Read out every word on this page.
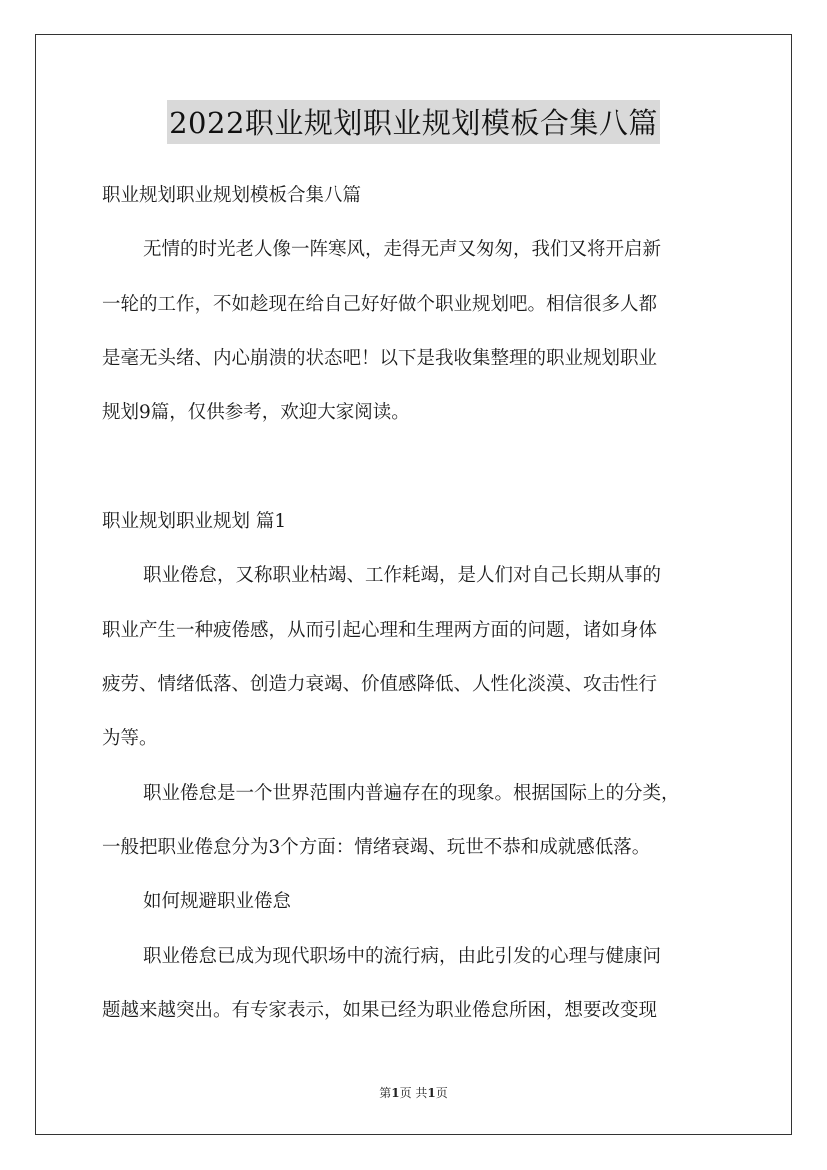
2022职业规划职业规划模板合集八篇

职业规划职业规划模板合集八篇

无情的时光老人像一阵寒风，走得无声又匆匆，我们又将开启新

一轮的工作，不如趁现在给自己好好做个职业规划吧。相信很多人都

是毫无头绪、内心崩溃的状态吧！以下是我收集整理的职业规划职业

规划9篇，仅供参考，欢迎大家阅读。

职业规划职业规划 篇1

职业倦怠，又称职业枯竭、工作耗竭，是人们对自己长期从事的

职业产生一种疲倦感，从而引起心理和生理两方面的问题，诸如身体

疲劳、情绪低落、创造力衰竭、价值感降低、人性化淡漠、攻击性行

为等。

职业倦怠是一个世界范围内普遍存在的现象。根据国际上的分类，

一般把职业倦怠分为3个方面：情绪衰竭、玩世不恭和成就感低落。

如何规避职业倦怠

职业倦怠已成为现代职场中的流行病，由此引发的心理与健康问

题越来越突出。有专家表示，如果已经为职业倦怠所困，想要改变现

第1页 共1页
